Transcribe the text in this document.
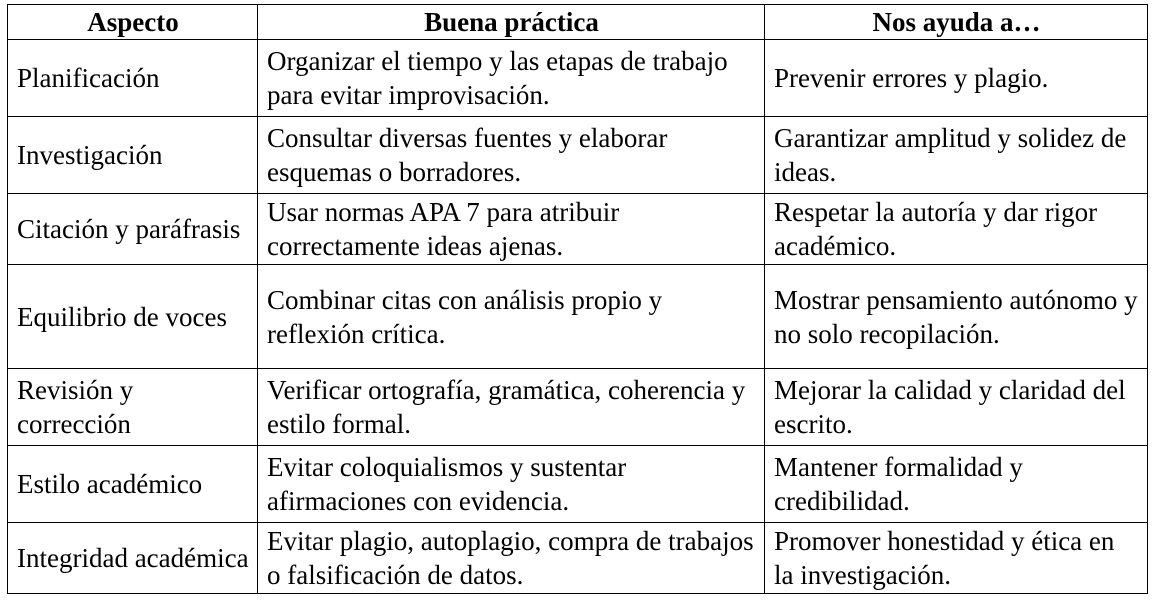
Aspecto	Buena práctica	Nos ayuda a…
Planificación	Organizar el tiempo y las etapas de trabajo para evitar improvisación.	Prevenir errores y plagio.
Investigación	Consultar diversas fuentes y elaborar esquemas o borradores.	Garantizar amplitud y solidez de ideas.
Citación y paráfrasis	Usar normas APA 7 para atribuir correctamente ideas ajenas.	Respetar la autoría y dar rigor académico.
Equilibrio de voces	Combinar citas con análisis propio y reflexión crítica.	Mostrar pensamiento autónomo y no solo recopilación.
Revisión y corrección	Verificar ortografía, gramática, coherencia y estilo formal.	Mejorar la calidad y claridad del escrito.
Estilo académico	Evitar coloquialismos y sustentar afirmaciones con evidencia.	Mantener formalidad y credibilidad.
Integridad académica	Evitar plagio, autoplagio, compra de trabajos o falsificación de datos.	Promover honestidad y ética en la investigación.
